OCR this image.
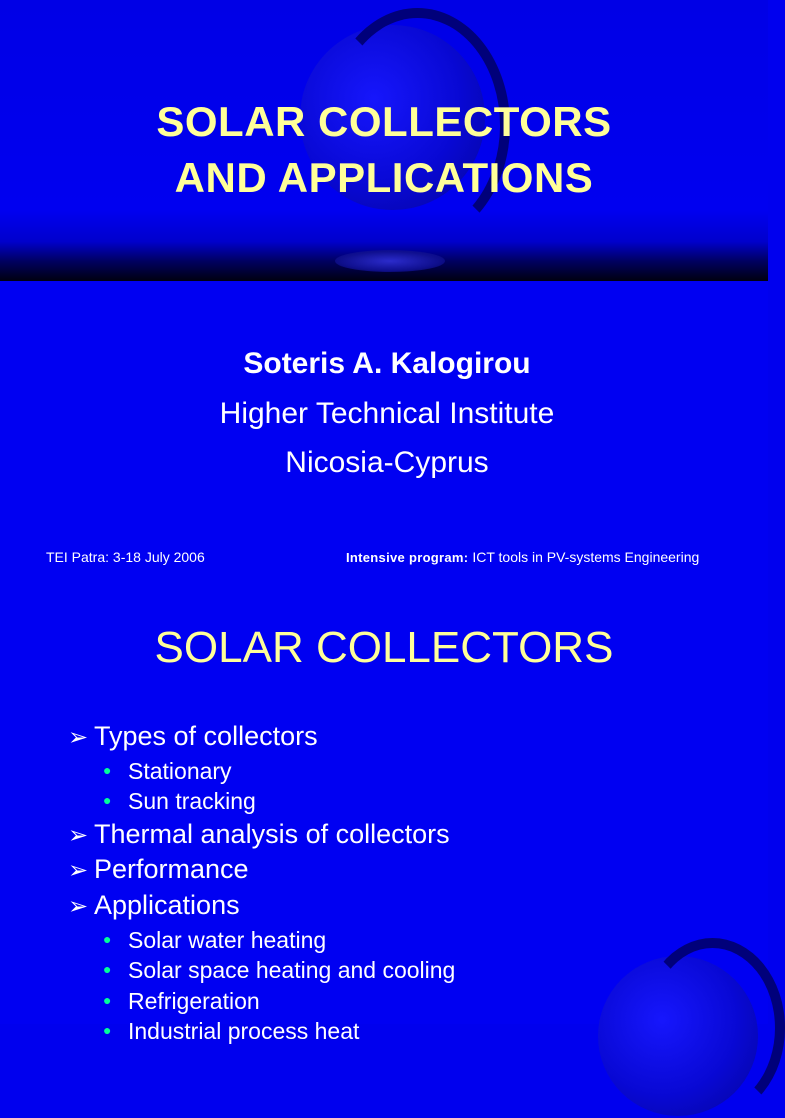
SOLAR COLLECTORS
AND APPLICATIONS
Soteris A. Kalogirou
Higher Technical Institute
Nicosia-Cyprus
TEI Patra: 3-18 July 2006	Intensive program: ICT tools in PV-systems Engineering
SOLAR COLLECTORS
➢ Types of collectors
● Stationary
● Sun tracking
➢ Thermal analysis of collectors
➢ Performance
➢ Applications
● Solar water heating
● Solar space heating and cooling
● Refrigeration
● Industrial process heat
